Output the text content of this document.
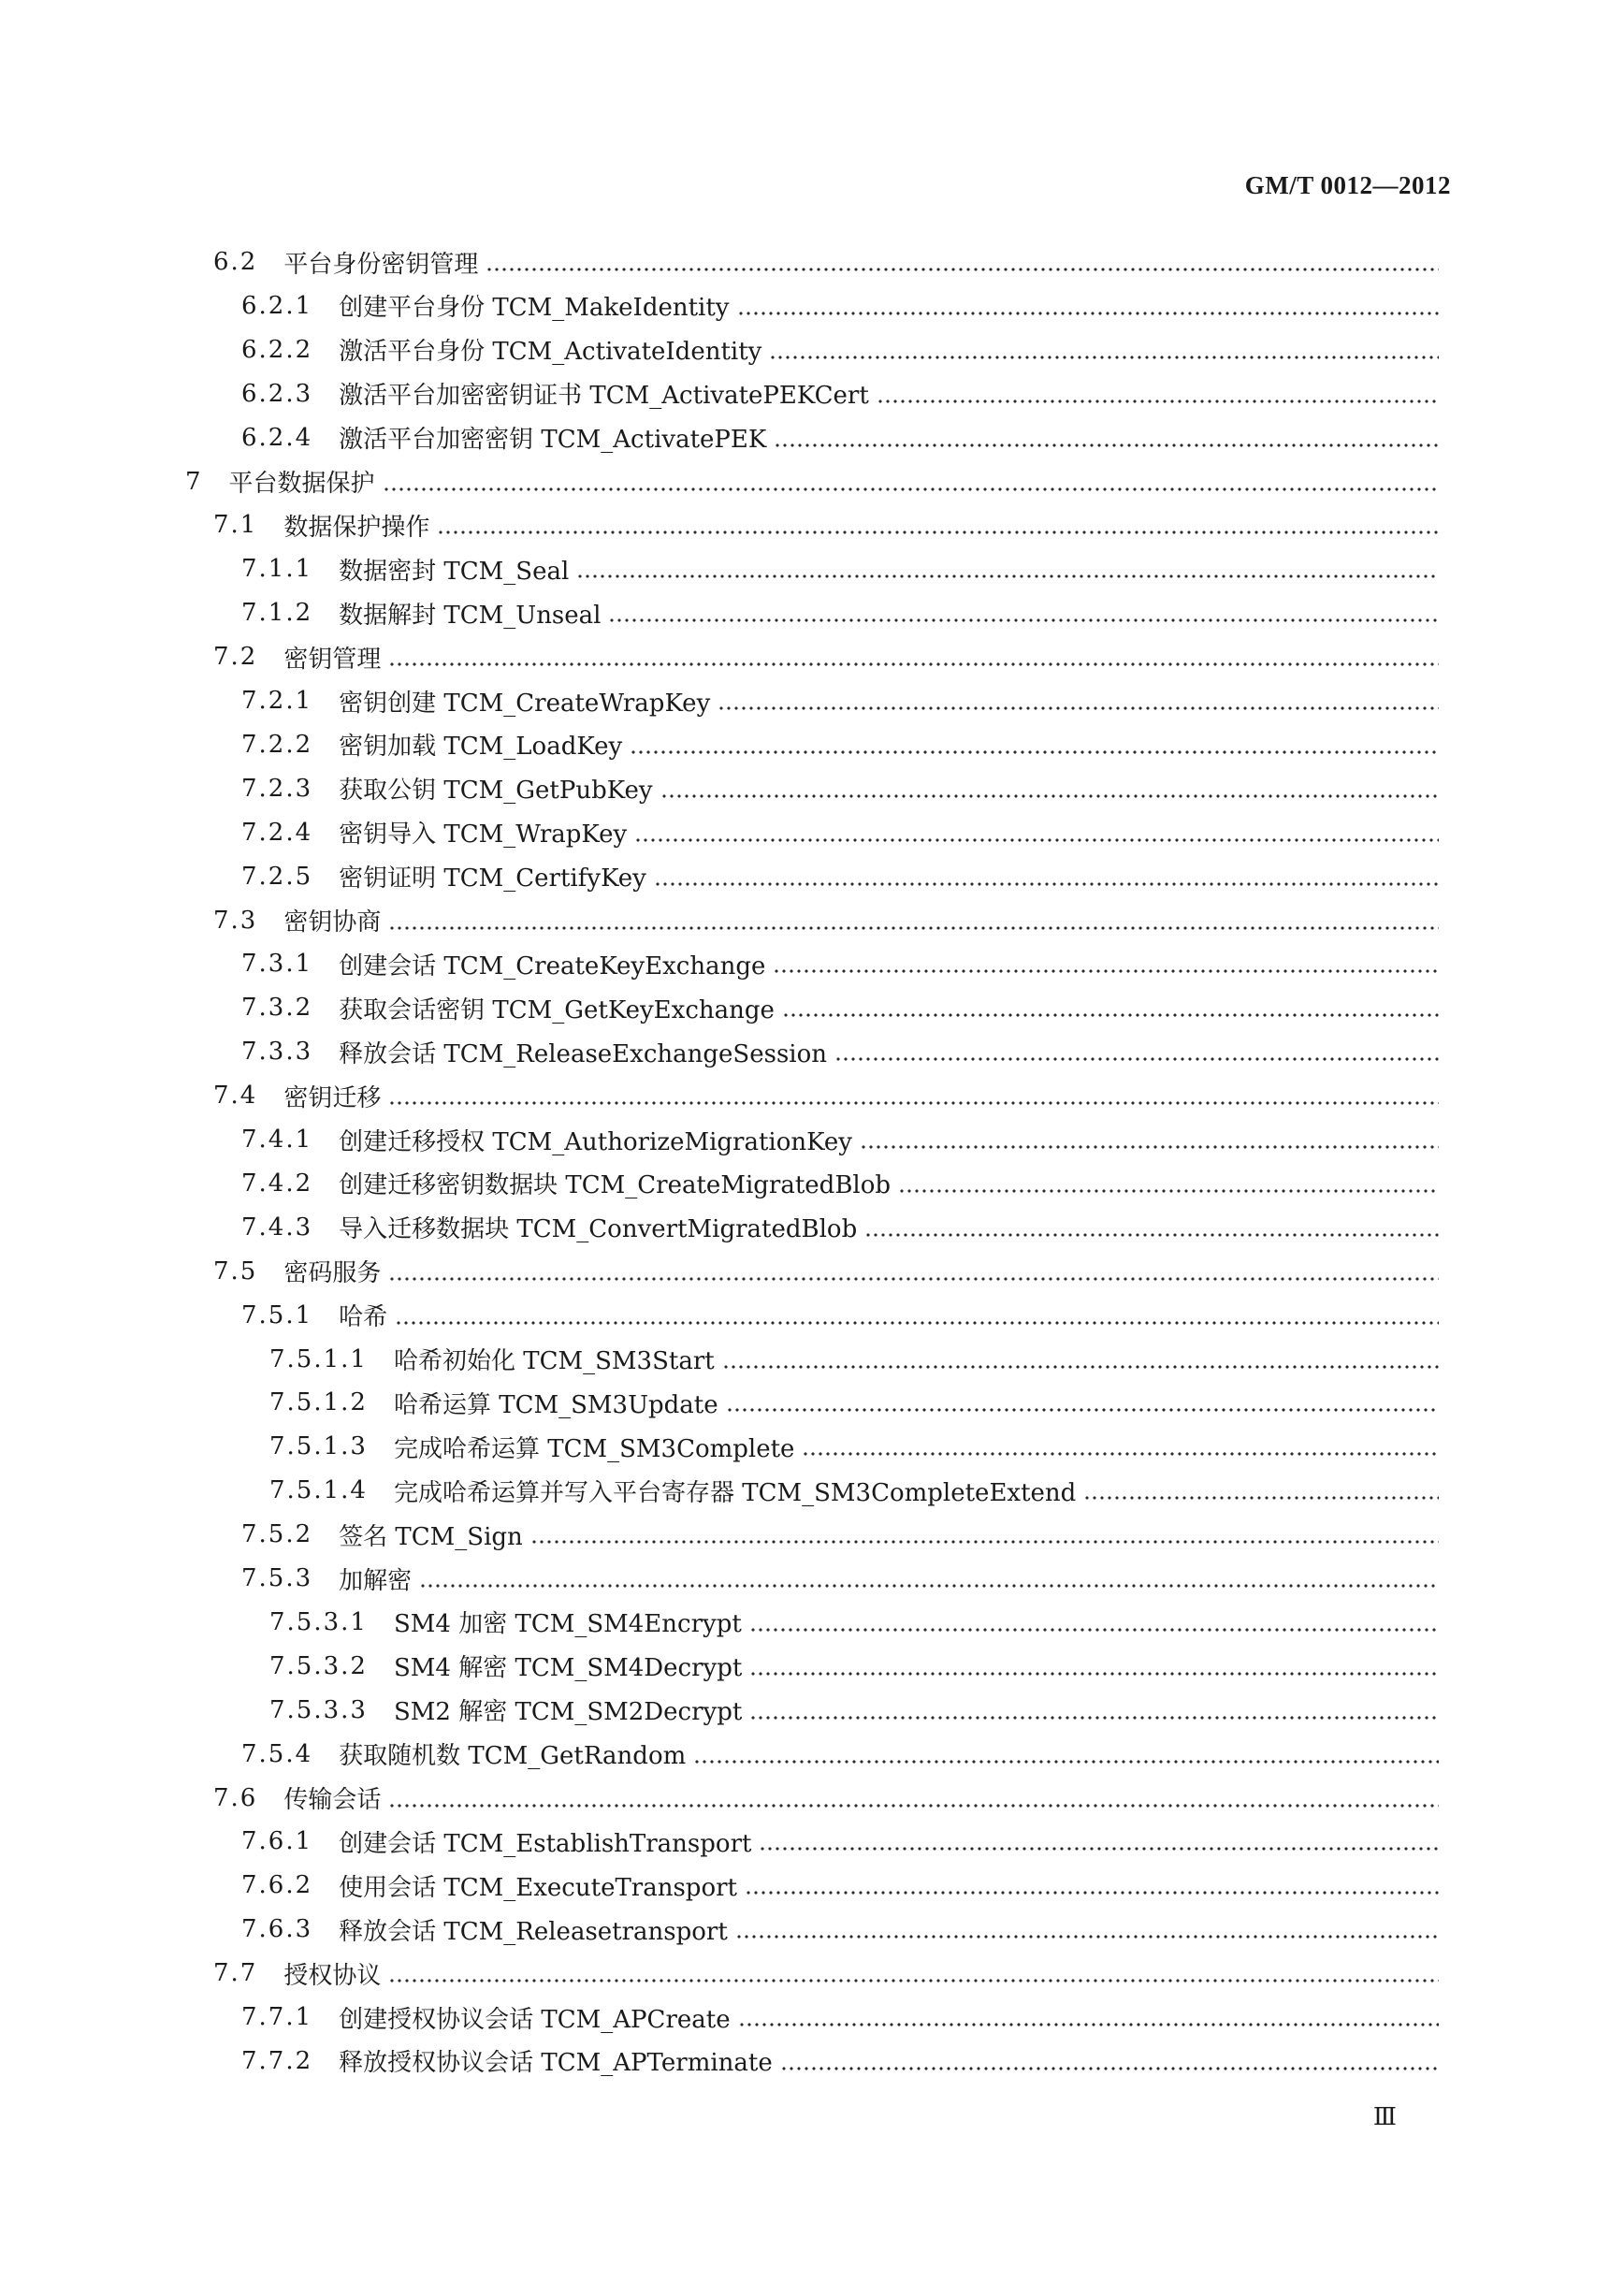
GM/T 0012—2012
6.2 平台身份密钥管理
6.2.1 创建平台身份 TCM_MakeIdentity
6.2.2 激活平台身份 TCM_ActivateIdentity
6.2.3 激活平台加密密钥证书 TCM_ActivatePEKCert
6.2.4 激活平台加密密钥 TCM_ActivatePEK
7 平台数据保护
7.1 数据保护操作
7.1.1 数据密封 TCM_Seal
7.1.2 数据解封 TCM_Unseal
7.2 密钥管理
7.2.1 密钥创建 TCM_CreateWrapKey
7.2.2 密钥加载 TCM_LoadKey
7.2.3 获取公钥 TCM_GetPubKey
7.2.4 密钥导入 TCM_WrapKey
7.2.5 密钥证明 TCM_CertifyKey
7.3 密钥协商
7.3.1 创建会话 TCM_CreateKeyExchange
7.3.2 获取会话密钥 TCM_GetKeyExchange
7.3.3 释放会话 TCM_ReleaseExchangeSession
7.4 密钥迁移
7.4.1 创建迁移授权 TCM_AuthorizeMigrationKey
7.4.2 创建迁移密钥数据块 TCM_CreateMigratedBlob
7.4.3 导入迁移数据块 TCM_ConvertMigratedBlob
7.5 密码服务
7.5.1 哈希
7.5.1.1 哈希初始化 TCM_SM3Start
7.5.1.2 哈希运算 TCM_SM3Update
7.5.1.3 完成哈希运算 TCM_SM3Complete
7.5.1.4 完成哈希运算并写入平台寄存器 TCM_SM3CompleteExtend
7.5.2 签名 TCM_Sign
7.5.3 加解密
7.5.3.1 SM4 加密 TCM_SM4Encrypt
7.5.3.2 SM4 解密 TCM_SM4Decrypt
7.5.3.3 SM2 解密 TCM_SM2Decrypt
7.5.4 获取随机数 TCM_GetRandom
7.6 传输会话
7.6.1 创建会话 TCM_EstablishTransport
7.6.2 使用会话 TCM_ExecuteTransport
7.6.3 释放会话 TCM_Releasetransport
7.7 授权协议
7.7.1 创建授权协议会话 TCM_APCreate
7.7.2 释放授权协议会话 TCM_APTerminate
Ⅲ
